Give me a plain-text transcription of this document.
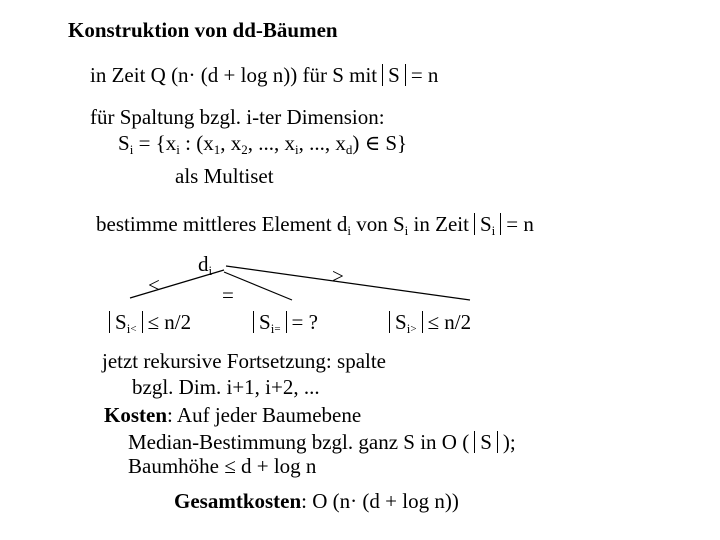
Konstruktion von dd-Bäumen
in Zeit Q (n· (d + log n)) für S mit S = n
für Spaltung bzgl. i-ter Dimension:
$S_i = \{x_i$ : ($x_1$, $x_2$, ..., $x_i$, ..., $x_d$) ∈ S}
als Multiset
bestimme mittleres Element $d_i$ von $S_i$ in Zeit $S_i = n$
$d_i$
<	=
>
$S_i< \le n/2$	$S_i=$ = ?	$S_i> \le n/2$
jetzt rekursive Fortsetzung: spalte
bzgl. Dim. i+1, i+2, ...
Kosten: Auf jeder Baumebene
Median-Bestimmung bzgl. ganz S in O ( S );
Baumhöhe ≤ d + log n
Gesamtkosten: O (n· (d + log n))
